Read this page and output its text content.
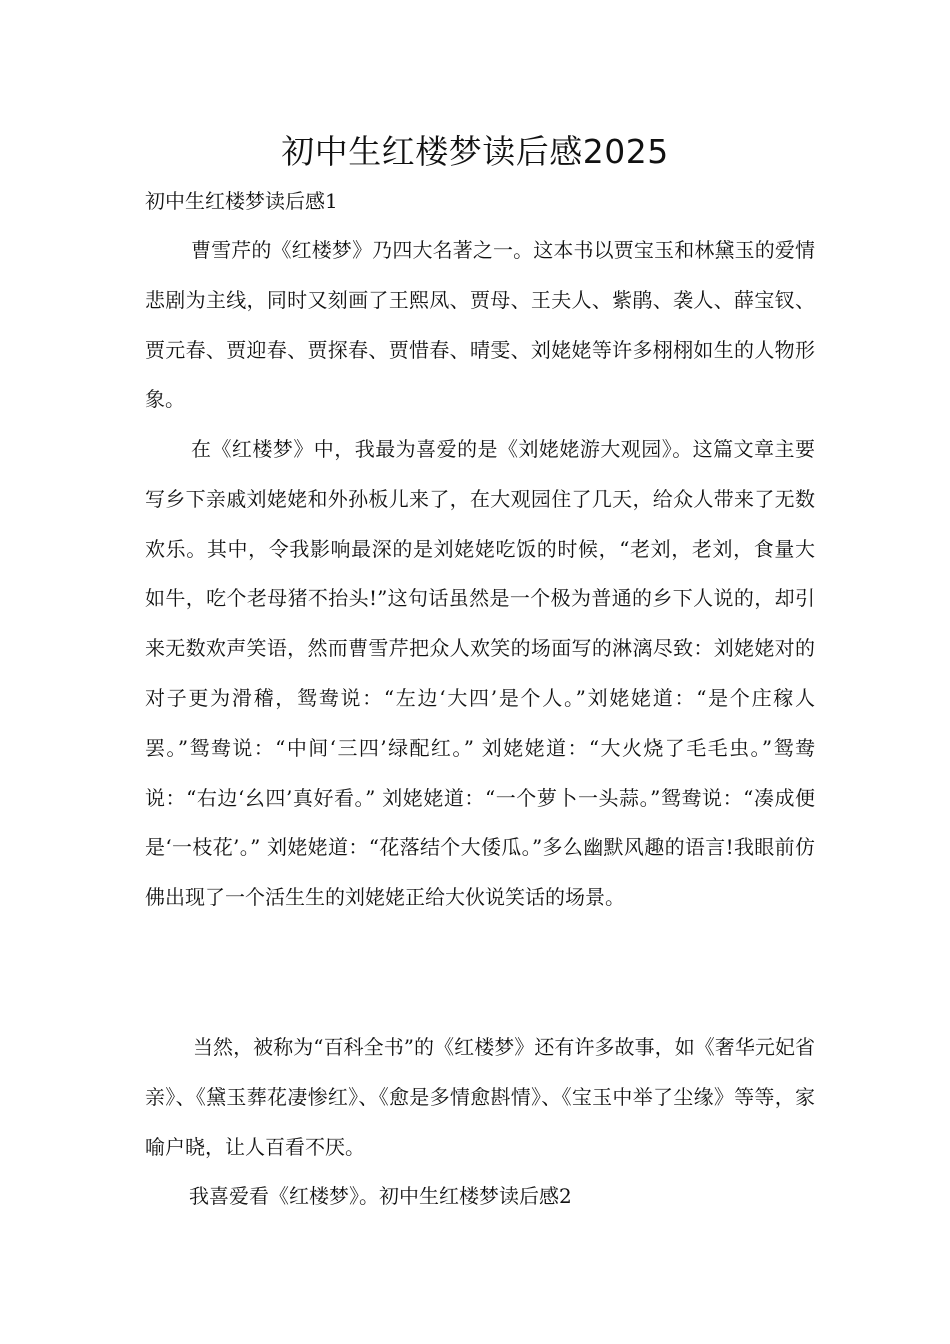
初中生红楼梦读后感2025
初中生红楼梦读后感1

曹雪芹的《红楼梦》乃四大名著之一。这本书以贾宝玉和林黛玉的爱情悲剧为主线，同时又刻画了王熙凤、贾母、王夫人、紫鹃、袭人、薛宝钗、贾元春、贾迎春、贾探春、贾惜春、晴雯、刘姥姥等许多栩栩如生的人物形象。

在《红楼梦》中，我最为喜爱的是《刘姥姥游大观园》。这篇文章主要写乡下亲戚刘姥姥和外孙板儿来了，在大观园住了几天，给众人带来了无数欢乐。其中，令我影响最深的是刘姥姥吃饭的时候，“老刘，老刘，食量大如牛，吃个老母猪不抬头!”这句话虽然是一个极为普通的乡下人说的，却引来无数欢声笑语，然而曹雪芹把众人欢笑的场面写的淋漓尽致：刘姥姥对的对子更为滑稽，鸳鸯说：“左边‘大四’是个人。”刘姥姥道：“是个庄稼人罢。”鸳鸯说：“中间‘三四’绿配红。” 刘姥姥道：“大火烧了毛毛虫。”鸳鸯说：“右边‘幺四’真好看。” 刘姥姥道：“一个萝卜一头蒜。”鸳鸯说：“凑成便是‘一枝花’。” 刘姥姥道：“花落结个大倭瓜。”多么幽默风趣的语言!我眼前仿佛出现了一个活生生的刘姥姥正给大伙说笑话的场景。

当然，被称为“百科全书”的《红楼梦》还有许多故事，如《奢华元妃省亲》、《黛玉葬花凄惨红》、《愈是多情愈斟情》、《宝玉中举了尘缘》等等，家喻户晓，让人百看不厌。

我喜爱看《红楼梦》。初中生红楼梦读后感2
